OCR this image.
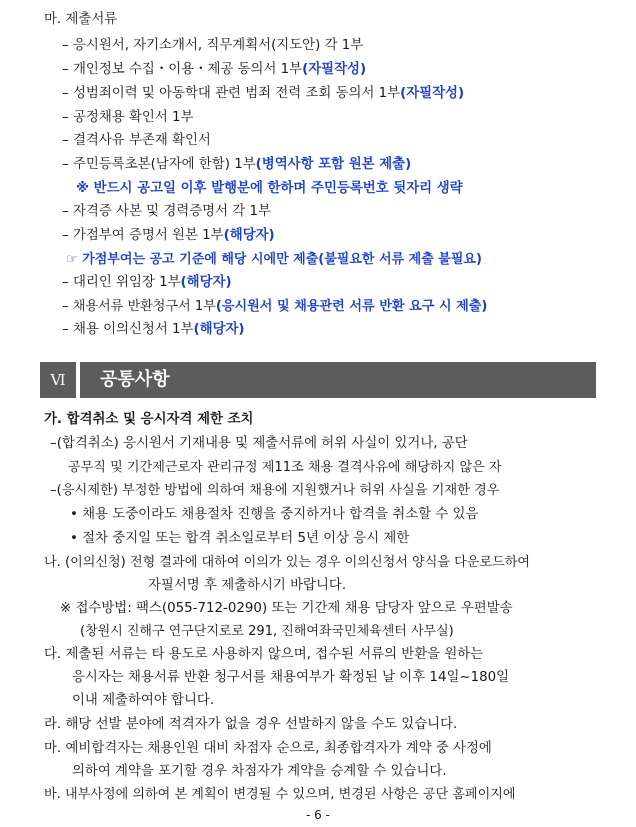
마. 제출서류
– 응시원서, 자기소개서, 직무계획서(지도안) 각 1부
– 개인정보 수집・이용・제공 동의서 1부(자필작성)
– 성범죄이력 및 아동학대 관련 범죄 전력 조회 동의서 1부(자필작성)
– 공정채용 확인서 1부
– 결격사유 부존재 확인서
– 주민등록초본(남자에 한함) 1부(병역사항 포함 원본 제출)
※ 반드시 공고일 이후 발행분에 한하며 주민등록번호 뒷자리 생략
– 자격증 사본 및 경력증명서 각 1부
– 가점부여 증명서 원본 1부(해당자)
☞ 가점부여는 공고 기준에 해당 시에만 제출(불필요한 서류 제출 불필요)
– 대리인 위임장 1부(해당자)
– 채용서류 반환청구서 1부(응시원서 및 채용관련 서류 반환 요구 시 제출)
– 채용 이의신청서 1부(해당자)
Ⅵ	공통사항
가. 합격취소 및 응시자격 제한 조치
–(합격취소) 응시원서 기재내용 및 제출서류에 허위 사실이 있거나, 공단
공무직 및 기간제근로자 관리규정 제11조 채용 결격사유에 해당하지 않은 자
–(응시제한) 부정한 방법에 의하여 채용에 지원했거나 허위 사실을 기재한 경우
• 채용 도중이라도 채용절차 진행을 중지하거나 합격을 취소할 수 있음
• 절차 중지일 또는 합격 취소일로부터 5년 이상 응시 제한
나. (이의신청) 전형 결과에 대하여 이의가 있는 경우 이의신청서 양식을 다운로드하여
자필서명 후 제출하시기 바랍니다.
※ 접수방법: 팩스(055-712-0290) 또는 기간제 채용 담당자 앞으로 우편발송
(창원시 진해구 연구단지로로 291, 진해여좌국민체육센터 사무실)
다. 제출된 서류는 타 용도로 사용하지 않으며, 접수된 서류의 반환을 원하는
응시자는 채용서류 반환 청구서를 채용여부가 확정된 날 이후 14일~180일
이내 제출하여야 합니다.
라. 해당 선발 분야에 적격자가 없을 경우 선발하지 않을 수도 있습니다.
마. 예비합격자는 채용인원 대비 차점자 순으로, 최종합격자가 계약 중 사정에
의하여 계약을 포기할 경우 차점자가 계약을 승계할 수 있습니다.
바. 내부사정에 의하여 본 계획이 변경될 수 있으며, 변경된 사항은 공단 홈페이지에
- 6 -
